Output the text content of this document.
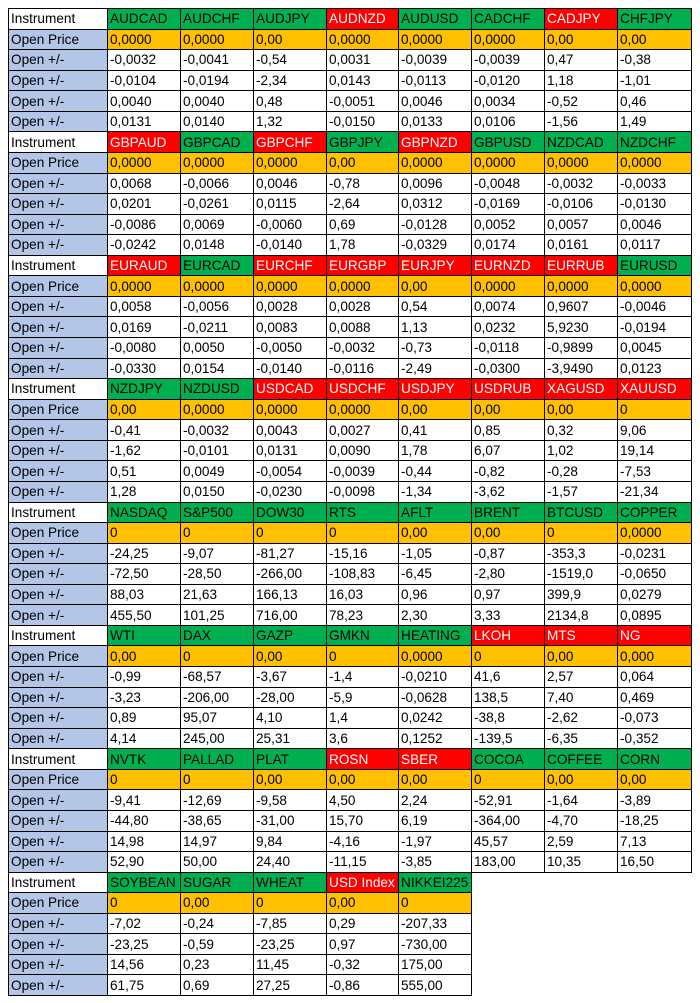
Instrument	AUDCAD	AUDCHF	AUDJPY	AUDNZD	AUDUSD	CADCHF	CADJPY	CHFJPY
Open Price	0,0000	0,0000	0,00	0,0000	0,0000	0,0000	0,00	0,00
Open +/-	-0,0032	-0,0041	-0,54	0,0031	-0,0039	-0,0039	0,47	-0,38
Open +/-	-0,0104	-0,0194	-2,34	0,0143	-0,0113	-0,0120	1,18	-1,01
Open +/-	0,0040	0,0040	0,48	-0,0051	0,0046	0,0034	-0,52	0,46
Open +/-	0,0131	0,0140	1,32	-0,0150	0,0133	0,0106	-1,56	1,49
Instrument	GBPAUD	GBPCAD	GBPCHF	GBPJPY	GBPNZD	GBPUSD	NZDCAD	NZDCHF
Open Price	0,0000	0,0000	0,0000	0,00	0,0000	0,0000	0,0000	0,0000
Open +/-	0,0068	-0,0066	0,0046	-0,78	0,0096	-0,0048	-0,0032	-0,0033
Open +/-	0,0201	-0,0261	0,0115	-2,64	0,0312	-0,0169	-0,0106	-0,0130
Open +/-	-0,0086	0,0069	-0,0060	0,69	-0,0128	0,0052	0,0057	0,0046
Open +/-	-0,0242	0,0148	-0,0140	1,78	-0,0329	0,0174	0,0161	0,0117
Instrument	EURAUD	EURCAD	EURCHF	EURGBP	EURJPY	EURNZD	EURRUB	EURUSD
Open Price	0,0000	0,0000	0,0000	0,0000	0,00	0,0000	0,0000	0,0000
Open +/-	0,0058	-0,0056	0,0028	0,0028	0,54	0,0074	0,9607	-0,0046
Open +/-	0,0169	-0,0211	0,0083	0,0088	1,13	0,0232	5,9230	-0,0194
Open +/-	-0,0080	0,0050	-0,0050	-0,0032	-0,73	-0,0118	-0,9899	0,0045
Open +/-	-0,0330	0,0154	-0,0140	-0,0116	-2,49	-0,0300	-3,9490	0,0123
Instrument	NZDJPY	NZDUSD	USDCAD	USDCHF	USDJPY	USDRUB	XAGUSD	XAUUSD
Open Price	0,00	0,0000	0,0000	0,0000	0,00	0,00	0,00	0
Open +/-	-0,41	-0,0032	0,0043	0,0027	0,41	0,85	0,32	9,06
Open +/-	-1,62	-0,0101	0,0131	0,0090	1,78	6,07	1,02	19,14
Open +/-	0,51	0,0049	-0,0054	-0,0039	-0,44	-0,82	-0,28	-7,53
Open +/-	1,28	0,0150	-0,0230	-0,0098	-1,34	-3,62	-1,57	-21,34
Instrument	NASDAQ	S&P500	DOW30	RTS	AFLT	BRENT	BTCUSD	COPPER
Open Price	0	0	0	0	0,00	0,00	0	0,0000
Open +/-	-24,25	-9,07	-81,27	-15,16	-1,05	-0,87	-353,3	-0,0231
Open +/-	-72,50	-28,50	-266,00	-108,83	-6,45	-2,80	-1519,0	-0,0650
Open +/-	88,03	21,63	166,13	16,03	0,96	0,97	399,9	0,0279
Open +/-	455,50	101,25	716,00	78,23	2,30	3,33	2134,8	0,0895
Instrument	WTI	DAX	GAZP	GMKN	HEATING	LKOH	MTS	NG
Open Price	0,00	0	0,00	0	0,0000	0	0,00	0,000
Open +/-	-0,99	-68,57	-3,67	-1,4	-0,0210	41,6	2,57	0,064
Open +/-	-3,23	-206,00	-28,00	-5,9	-0,0628	138,5	7,40	0,469
Open +/-	0,89	95,07	4,10	1,4	0,0242	-38,8	-2,62	-0,073
Open +/-	4,14	245,00	25,31	3,6	0,1252	-139,5	-6,35	-0,352
Instrument	NVTK	PALLAD	PLAT	ROSN	SBER	COCOA	COFFEE	CORN
Open Price	0	0	0,00	0,00	0,00	0	0,00	0,00
Open +/-	-9,41	-12,69	-9,58	4,50	2,24	-52,91	-1,64	-3,89
Open +/-	-44,80	-38,65	-31,00	15,70	6,19	-364,00	-4,70	-18,25
Open +/-	14,98	14,97	9,84	-4,16	-1,97	45,57	2,59	7,13
Open +/-	52,90	50,00	24,40	-11,15	-3,85	183,00	10,35	16,50
Instrument	SOYBEAN	SUGAR	WHEAT	USD Index	NIKKEI225			
Open Price	0	0,00	0	0,00	0			
Open +/-	-7,02	-0,24	-7,85	0,29	-207,33			
Open +/-	-23,25	-0,59	-23,25	0,97	-730,00			
Open +/-	14,56	0,23	11,45	-0,32	175,00			
Open +/-	61,75	0,69	27,25	-0,86	555,00			
